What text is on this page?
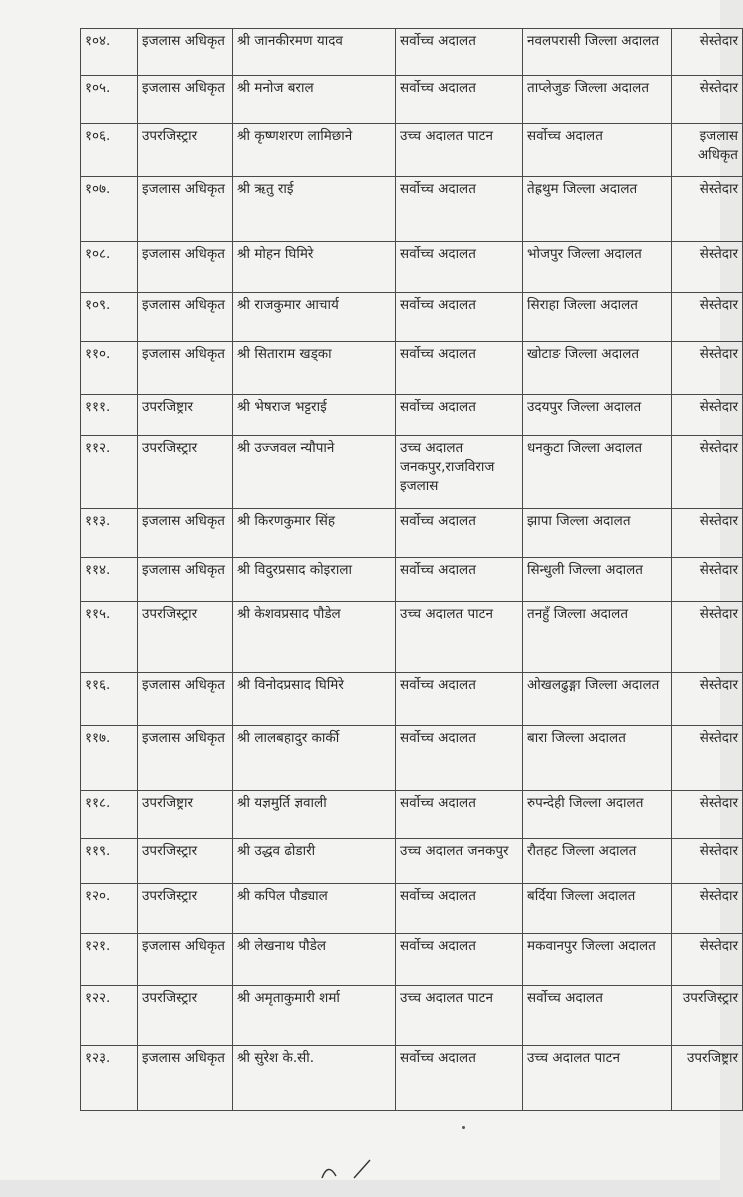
१०४.	इजलास अधिकृत	श्री जानकीरमण यादव	सर्वोच्च अदालत	नवलपरासी जिल्ला अदालत	सेस्तेदार
१०५.	इजलास अधिकृत	श्री मनोज बराल	सर्वोच्च अदालत	ताप्लेजुङ जिल्ला अदालत	सेस्तेदार
१०६.	उपरजिस्ट्रार	श्री कृष्णशरण लामिछाने	उच्च अदालत पाटन	सर्वोच्च अदालत	इजलास अधिकृत
१०७.	इजलास अधिकृत	श्री ऋतु राई	सर्वोच्च अदालत	तेह्रथुम जिल्ला अदालत	सेस्तेदार
१०८.	इजलास अधिकृत	श्री मोहन घिमिरे	सर्वोच्च अदालत	भोजपुर जिल्ला अदालत	सेस्तेदार
१०९.	इजलास अधिकृत	श्री राजकुमार आचार्य	सर्वोच्च अदालत	सिराहा जिल्ला अदालत	सेस्तेदार
११०.	इजलास अधिकृत	श्री सिताराम खड्का	सर्वोच्च अदालत	खोटाङ जिल्ला अदालत	सेस्तेदार
१११.	उपरजिष्ट्रार	श्री भेषराज भट्टराई	सर्वोच्च अदालत	उदयपुर जिल्ला अदालत	सेस्तेदार
११२.	उपरजिस्ट्रार	श्री उज्जवल न्यौपाने	उच्च अदालत जनकपुर,राजविराज इजलास	धनकुटा जिल्ला अदालत	सेस्तेदार
११३.	इजलास अधिकृत	श्री किरणकुमार सिंह	सर्वोच्च अदालत	झापा जिल्ला अदालत	सेस्तेदार
११४.	इजलास अधिकृत	श्री विदुरप्रसाद कोइराला	सर्वोच्च अदालत	सिन्धुली जिल्ला अदालत	सेस्तेदार
११५.	उपरजिस्ट्रार	श्री केशवप्रसाद पौडेल	उच्च अदालत पाटन	तनहुँ जिल्ला अदालत	सेस्तेदार
११६.	इजलास अधिकृत	श्री विनोदप्रसाद घिमिरे	सर्वोच्च अदालत	ओखलढुङ्गा जिल्ला अदालत	सेस्तेदार
११७.	इजलास अधिकृत	श्री लालबहादुर कार्की	सर्वोच्च अदालत	बारा जिल्ला अदालत	सेस्तेदार
११८.	उपरजिष्ट्रार	श्री यज्ञमुर्ति ज्ञवाली	सर्वोच्च अदालत	रुपन्देही जिल्ला अदालत	सेस्तेदार
११९.	उपरजिस्ट्रार	श्री उद्धव ढोडारी	उच्च अदालत जनकपुर	रौतहट जिल्ला अदालत	सेस्तेदार
१२०.	उपरजिस्ट्रार	श्री कपिल पौड्याल	सर्वोच्च अदालत	बर्दिया जिल्ला अदालत	सेस्तेदार
१२१.	इजलास अधिकृत	श्री लेखनाथ पौडेल	सर्वोच्च अदालत	मकवानपुर जिल्ला अदालत	सेस्तेदार
१२२.	उपरजिस्ट्रार	श्री अमृताकुमारी शर्मा	उच्च अदालत पाटन	सर्वोच्च अदालत	उपरजिस्ट्रार
१२३.	इजलास अधिकृत	श्री सुरेश के.सी.	सर्वोच्च अदालत	उच्च अदालत पाटन	उपरजिष्ट्रार
